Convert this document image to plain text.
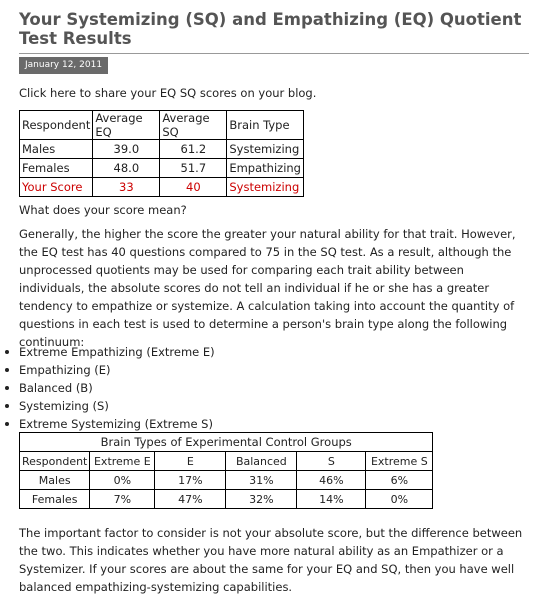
Your Systemizing (SQ) and Empathizing (EQ) Quotient Test Results
January 12, 2011
Click here to share your EQ SQ scores on your blog.
Respondent	Average EQ	Average SQ	Brain Type
Males	39.0	61.2	Systemizing
Females	48.0	51.7	Empathizing
Your Score	33	40	Systemizing
What does your score mean?
Generally, the higher the score the greater your natural ability for that trait. However, the EQ test has 40 questions compared to 75 in the SQ test. As a result, although the unprocessed quotients may be used for comparing each trait ability between individuals, the absolute scores do not tell an individual if he or she has a greater tendency to empathize or systemize. A calculation taking into account the quantity of questions in each test is used to determine a person's brain type along the following continuum:
Extreme Empathizing (Extreme E)
Empathizing (E)
Balanced (B)
Systemizing (S)
Extreme Systemizing (Extreme S)
Brain Types of Experimental Control Groups					
Respondent	Extreme E	E	Balanced	S	Extreme S
Males	0%	17%	31%	46%	6%
Females	7%	47%	32%	14%	0%
The important factor to consider is not your absolute score, but the difference between the two. This indicates whether you have more natural ability as an Empathizer or a Systemizer. If your scores are about the same for your EQ and SQ, then you have well balanced empathizing-systemizing capabilities.
